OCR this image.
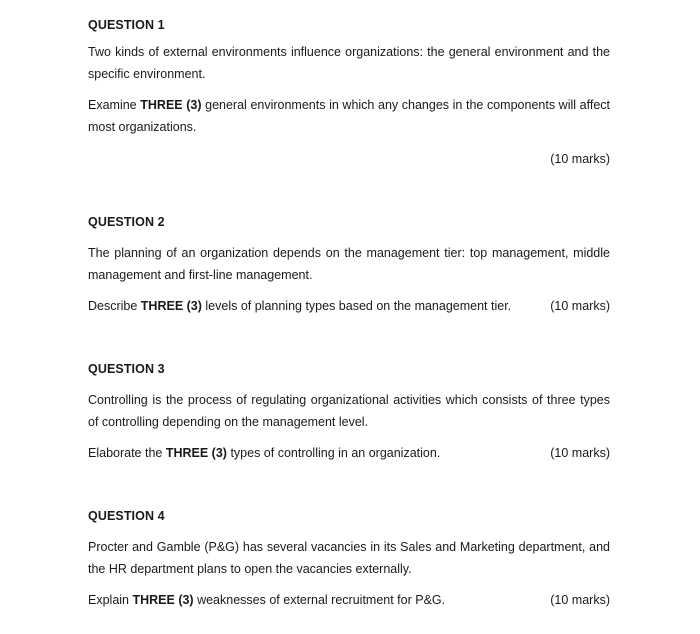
QUESTION 1

Two kinds of external environments influence organizations: the general environment and the specific environment.

Examine THREE (3) general environments in which any changes in the components will affect most organizations.

(10 marks)

QUESTION 2

The planning of an organization depends on the management tier: top management, middle management and first-line management.

Describe THREE (3) levels of planning types based on the management tier.	(10 marks)

QUESTION 3

Controlling is the process of regulating organizational activities which consists of three types of controlling depending on the management level.

Elaborate the THREE (3) types of controlling in an organization.	(10 marks)

QUESTION 4

Procter and Gamble (P&G) has several vacancies in its Sales and Marketing department, and the HR department plans to open the vacancies externally.

Explain THREE (3) weaknesses of external recruitment for P&G.	(10 marks)
